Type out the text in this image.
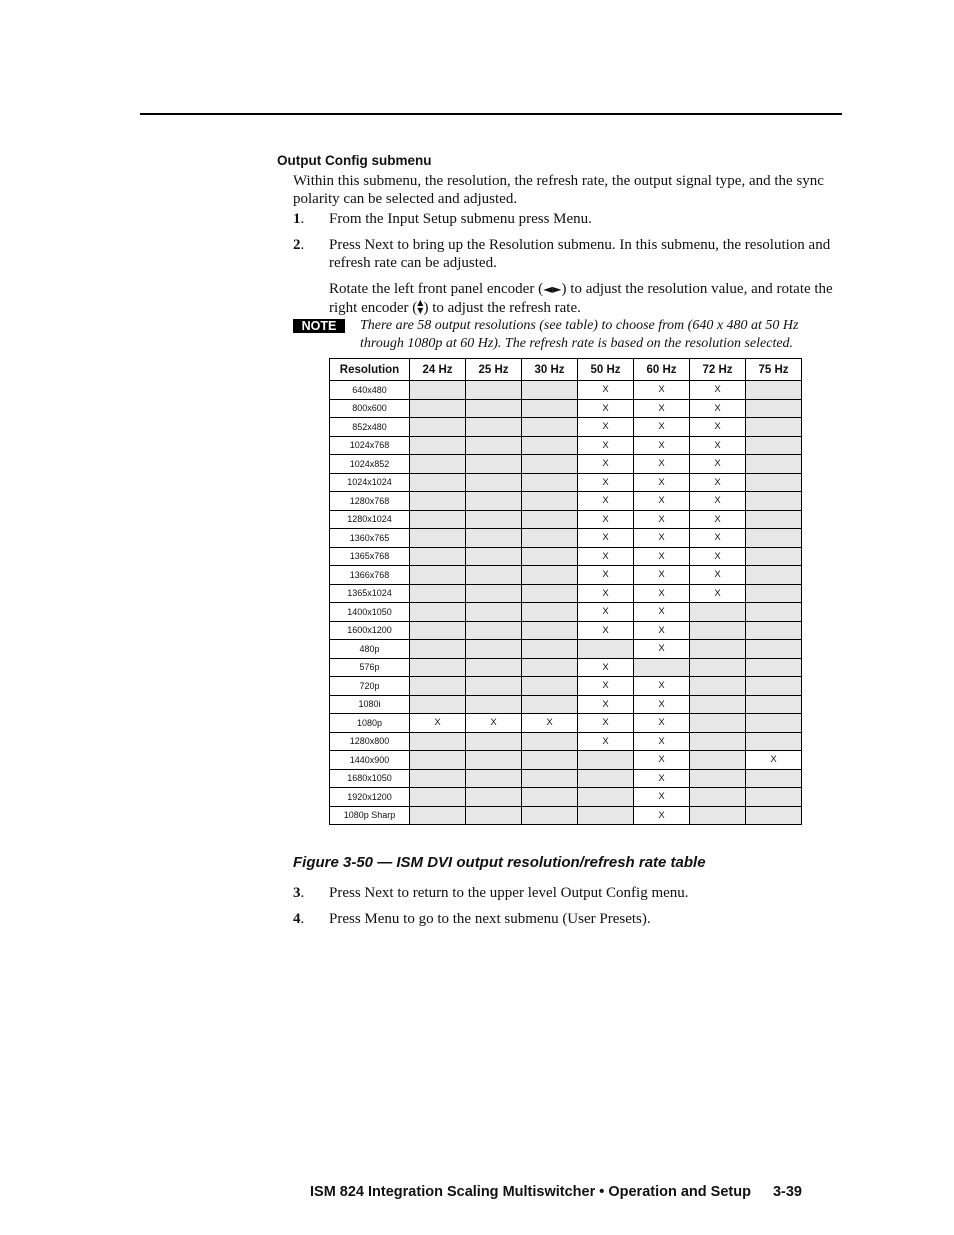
Output Config submenu
Within this submenu, the resolution, the refresh rate, the output signal type, and the sync polarity can be selected and adjusted.
1. From the Input Setup submenu press Menu.
2. Press Next to bring up the Resolution submenu. In this submenu, the resolution and refresh rate can be adjusted.
Rotate the left front panel encoder (◄►) to adjust the resolution value, and rotate the right encoder (▲
▼) to adjust the refresh rate.
NOTE	There are 58 output resolutions (see table) to choose from (640 x 480 at 50 Hz through 1080p at 60 Hz). The refresh rate is based on the resolution selected.
Resolution	24 Hz	25 Hz	30 Hz	50 Hz	60 Hz	72 Hz	75 Hz
640x480				X	X	X	
800x600				X	X	X	
852x480				X	X	X	
1024x768				X	X	X	
1024x852				X	X	X	
1024x1024				X	X	X	
1280x768				X	X	X	
1280x1024				X	X	X	
1360x765				X	X	X	
1365x768				X	X	X	
1366x768				X	X	X	
1365x1024				X	X	X	
1400x1050				X	X		
1600x1200				X	X		
480p					X		
576p				X			
720p				X	X		
1080i				X	X		
1080p	X	X	X	X	X		
1280x800				X	X		
1440x900					X		X
1680x1050					X		
1920x1200					X		
1080p Sharp					X		
Figure 3-50 — ISM DVI output resolution/refresh rate table
3. Press Next to return to the upper level Output Config menu.
4. Press Menu to go to the next submenu (User Presets).
ISM 824 Integration Scaling Multiswitcher • Operation and Setup 3-39
